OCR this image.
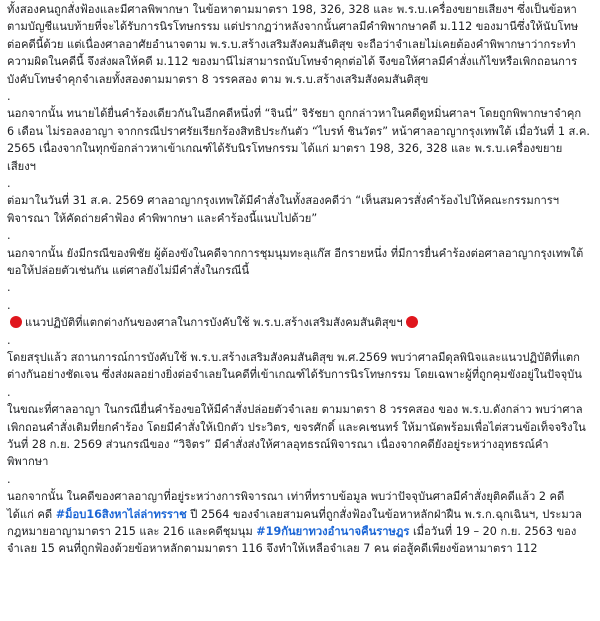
ทั้งสองคนถูกสั่งฟ้องและมีศาลพิพากษา ในข้อหาตามมาตรา 198, 326, 328 และ พ.ร.บ.เครื่องขยายเสียงฯ ซึ่งเป็นข้อหาตามบัญชีแนบท้ายที่จะได้รับการนิรโทษกรรม แต่ปรากฏว่าหลังจากนั้นศาลมีคำพิพากษาคดี ม.112 ของมานีซึ่งให้นับโทษต่อคดีนี้ด้วย แต่เนื่องศาลอาศัยอำนาจตาม พ.ร.บ.สร้างเสริมสังคมสันติสุข จะถือว่าจำเลยไม่เคยต้องคำพิพากษาว่ากระทำความผิดในคดีนี้ จึงส่งผลให้คดี ม.112 ของมานีไม่สามารถนับโทษจำคุกต่อได้ จึงขอให้ศาลมีคำสั่งแก้ไขหรือเพิกถอนการบังคับโทษจำคุกจำเลยทั้งสองตามมาตรา 8 วรรคสอง ตาม พ.ร.บ.สร้างเสริมสังคมสันติสุข

.

นอกจากนั้น ทนายได้ยื่นคำร้องเดียวกันในอีกคดีหนึ่งที่ “จินนี่” จิรัชยา ถูกกล่าวหาในคดีดูหมิ่นศาลฯ โดยถูกพิพากษาจำคุก 6 เดือน ไม่รอลงอาญา จากกรณีปราศรัยเรียกร้องสิทธิประกันตัว “ไบรท์ ชินวัตร” หน้าศาลอาญากรุงเทพใต้ เมื่อวันที่ 1 ส.ค. 2565 เนื่องจากในทุกข้อกล่าวหาเข้าเกณฑ์ได้รับนิรโทษกรรม ได้แก่ มาตรา 198, 326, 328 และ พ.ร.บ.เครื่องขยายเสียงฯ

.

ต่อมาในวันที่ 31 ส.ค. 2569 ศาลอาญากรุงเทพใต้มีคำสั่งในทั้งสองคดีว่า “เห็นสมควรสั่งคำร้องไปให้คณะกรรมการฯ พิจารณา ให้คัดถ่ายคำฟ้อง คำพิพากษา และคำร้องนี้แนบไปด้วย”

.

นอกจากนั้น ยังมีกรณีของพิชัย ผู้ต้องขังในคดีจากการชุมนุมทะลุแก๊ส อีกรายหนึ่ง ที่มีการยื่นคำร้องต่อศาลอาญากรุงเทพใต้ ขอให้ปล่อยตัวเช่นกัน แต่ศาลยังไม่มีคำสั่งในกรณีนี้

.

.

แนวปฏิบัติที่แตกต่างกันของศาลในการบังคับใช้ พ.ร.บ.สร้างเสริมสังคมสันติสุขฯ

.

โดยสรุปแล้ว สถานการณ์การบังคับใช้ พ.ร.บ.สร้างเสริมสังคมสันติสุข พ.ศ.2569 พบว่าศาลมีดุลพินิจและแนวปฏิบัติที่แตกต่างกันอย่างชัดเจน ซึ่งส่งผลอย่างยิ่งต่อจำเลยในคดีที่เข้าเกณฑ์ได้รับการนิรโทษกรรม โดยเฉพาะผู้ที่ถูกคุมขังอยู่ในปัจจุบัน

.

ในขณะที่ศาลอาญา ในกรณียื่นคำร้องขอให้มีคำสั่งปล่อยตัวจำเลย ตามมาตรา 8 วรรคสอง ของ พ.ร.บ.ดังกล่าว พบว่าศาลเพิกถอนคำสั่งเดิมที่ยกคำร้อง โดยมีคำสั่งให้เบิกตัว ประวิตร, ขจรศักดิ์ และคเชนทร์ ให้มานัดพร้อมเพื่อไต่สวนข้อเท็จจริงในวันที่ 28 ก.ย. 2569 ส่วนกรณีของ “วิจิตร” มีคำสั่งส่งให้ศาลอุทธรณ์พิจารณา เนื่องจากคดียังอยู่ระหว่างอุทธรณ์คำพิพากษา

.

นอกจากนั้น ในคดีของศาลอาญาที่อยู่ระหว่างการพิจารณา เท่าที่ทราบข้อมูล พบว่าปัจจุบันศาลมีคำสั่งยุติคดีแล้ว 2 คดี ได้แก่ คดี #ม็อบ16สิงหาไล่ล่าทรราช ปี 2564 ของจำเลยสามคนที่ถูกสั่งฟ้องในข้อหาหลักฝ่าฝืน พ.ร.ก.ฉุกเฉินฯ, ประมวลกฎหมายอาญามาตรา 215 และ 216 และคดีชุมนุม #19กันยาทวงอำนาจคืนราษฎร เมื่อวันที่ 19 – 20 ก.ย. 2563 ของจำเลย 15 คนที่ถูกฟ้องด้วยข้อหาหลักตามมาตรา 116 จึงทำให้เหลือจำเลย 7 คน ต่อสู้คดีเพียงข้อหามาตรา 112
